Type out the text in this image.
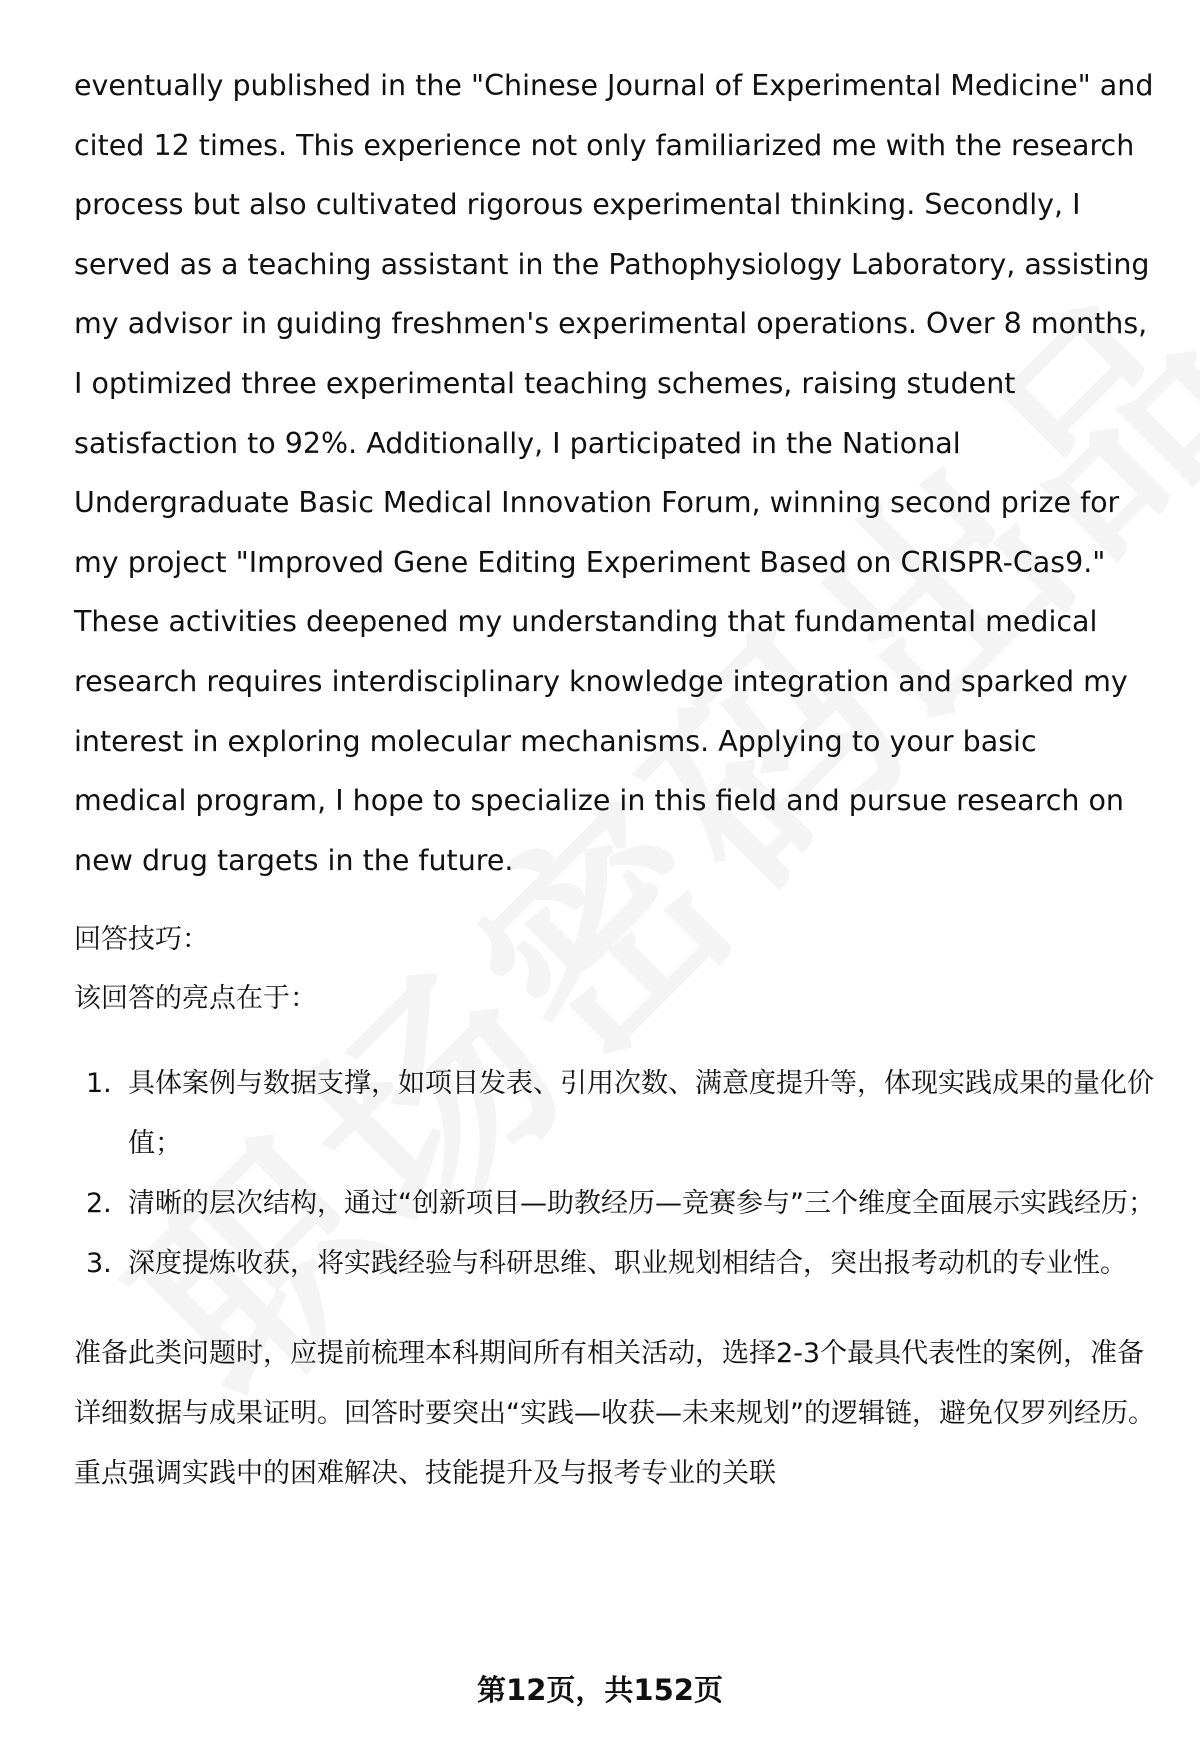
eventually published in the "Chinese Journal of Experimental Medicine" and cited 12 times. This experience not only familiarized me with the research process but also cultivated rigorous experimental thinking. Secondly, I served as a teaching assistant in the Pathophysiology Laboratory, assisting my advisor in guiding freshmen's experimental operations. Over 8 months, I optimized three experimental teaching schemes, raising student satisfaction to 92%. Additionally, I participated in the National Undergraduate Basic Medical Innovation Forum, winning second prize for my project "Improved Gene Editing Experiment Based on CRISPR-Cas9." These activities deepened my understanding that fundamental medical research requires interdisciplinary knowledge integration and sparked my interest in exploring molecular mechanisms. Applying to your basic medical program, I hope to specialize in this field and pursue research on new drug targets in the future.

回答技巧：

该回答的亮点在于：

1. 具体案例与数据支撑，如项目发表、引用次数、满意度提升等，体现实践成果的量化价值；
2. 清晰的层次结构，通过“创新项目—助教经历—竞赛参与”三个维度全面展示实践经历；
3. 深度提炼收获，将实践经验与科研思维、职业规划相结合，突出报考动机的专业性。

准备此类问题时，应提前梳理本科期间所有相关活动，选择2-3个最具代表性的案例，准备详细数据与成果证明。回答时要突出“实践—收获—未来规划”的逻辑链，避免仅罗列经历。重点强调实践中的困难解决、技能提升及与报考专业的关联

第12页，共152页
